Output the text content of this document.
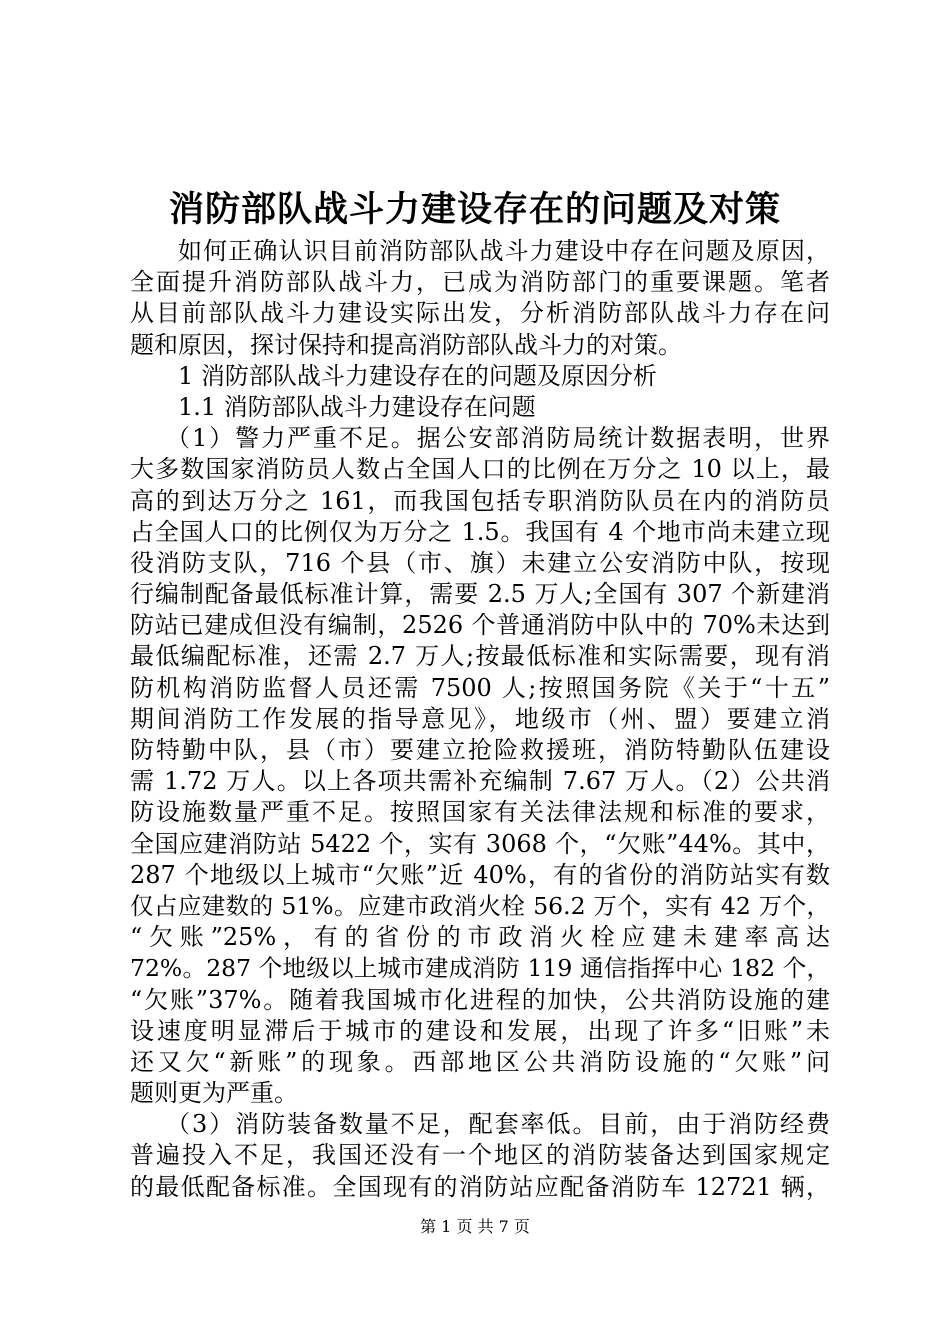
消防部队战斗力建设存在的问题及对策
如何正确认识目前消防部队战斗力建设中存在问题及原因，
全面提升消防部队战斗力，已成为消防部门的重要课题。笔者
从目前部队战斗力建设实际出发，分析消防部队战斗力存在问
题和原因，探讨保持和提高消防部队战斗力的对策。
1 消防部队战斗力建设存在的问题及原因分析
1.1 消防部队战斗力建设存在问题
（1）警力严重不足。据公安部消防局统计数据表明，世界
大多数国家消防员人数占全国人口的比例在万分之 10 以上，最
高的到达万分之 161，而我国包括专职消防队员在内的消防员
占全国人口的比例仅为万分之 1.5。我国有 4 个地市尚未建立现
役消防支队，716 个县（市、旗）未建立公安消防中队，按现
行编制配备最低标准计算，需要 2.5 万人;全国有 307 个新建消
防站已建成但没有编制，2526 个普通消防中队中的 70%未达到
最低编配标准，还需 2.7 万人;按最低标准和实际需要，现有消
防机构消防监督人员还需 7500 人;按照国务院《关于“十五”
期间消防工作发展的指导意见》，地级市（州、盟）要建立消
防特勤中队，县（市）要建立抢险救援班，消防特勤队伍建设
需 1.72 万人。以上各项共需补充编制 7.67 万人。（2）公共消
防设施数量严重不足。按照国家有关法律法规和标准的要求，
全国应建消防站 5422 个，实有 3068 个，“欠账”44%。其中，
287 个地级以上城市“欠账”近 40%，有的省份的消防站实有数
仅占应建数的 51%。应建市政消火栓 56.2 万个，实有 42 万个，
“欠账”25%，有的省份的市政消火栓应建未建率高达
72%。287 个地级以上城市建成消防 119 通信指挥中心 182 个，
“欠账”37%。随着我国城市化进程的加快，公共消防设施的建
设速度明显滞后于城市的建设和发展，出现了许多“旧账”未
还又欠“新账”的现象。西部地区公共消防设施的“欠账”问
题则更为严重。
（3）消防装备数量不足，配套率低。目前，由于消防经费
普遍投入不足，我国还没有一个地区的消防装备达到国家规定
的最低配备标准。全国现有的消防站应配备消防车 12721 辆，
第 1 页 共 7 页
